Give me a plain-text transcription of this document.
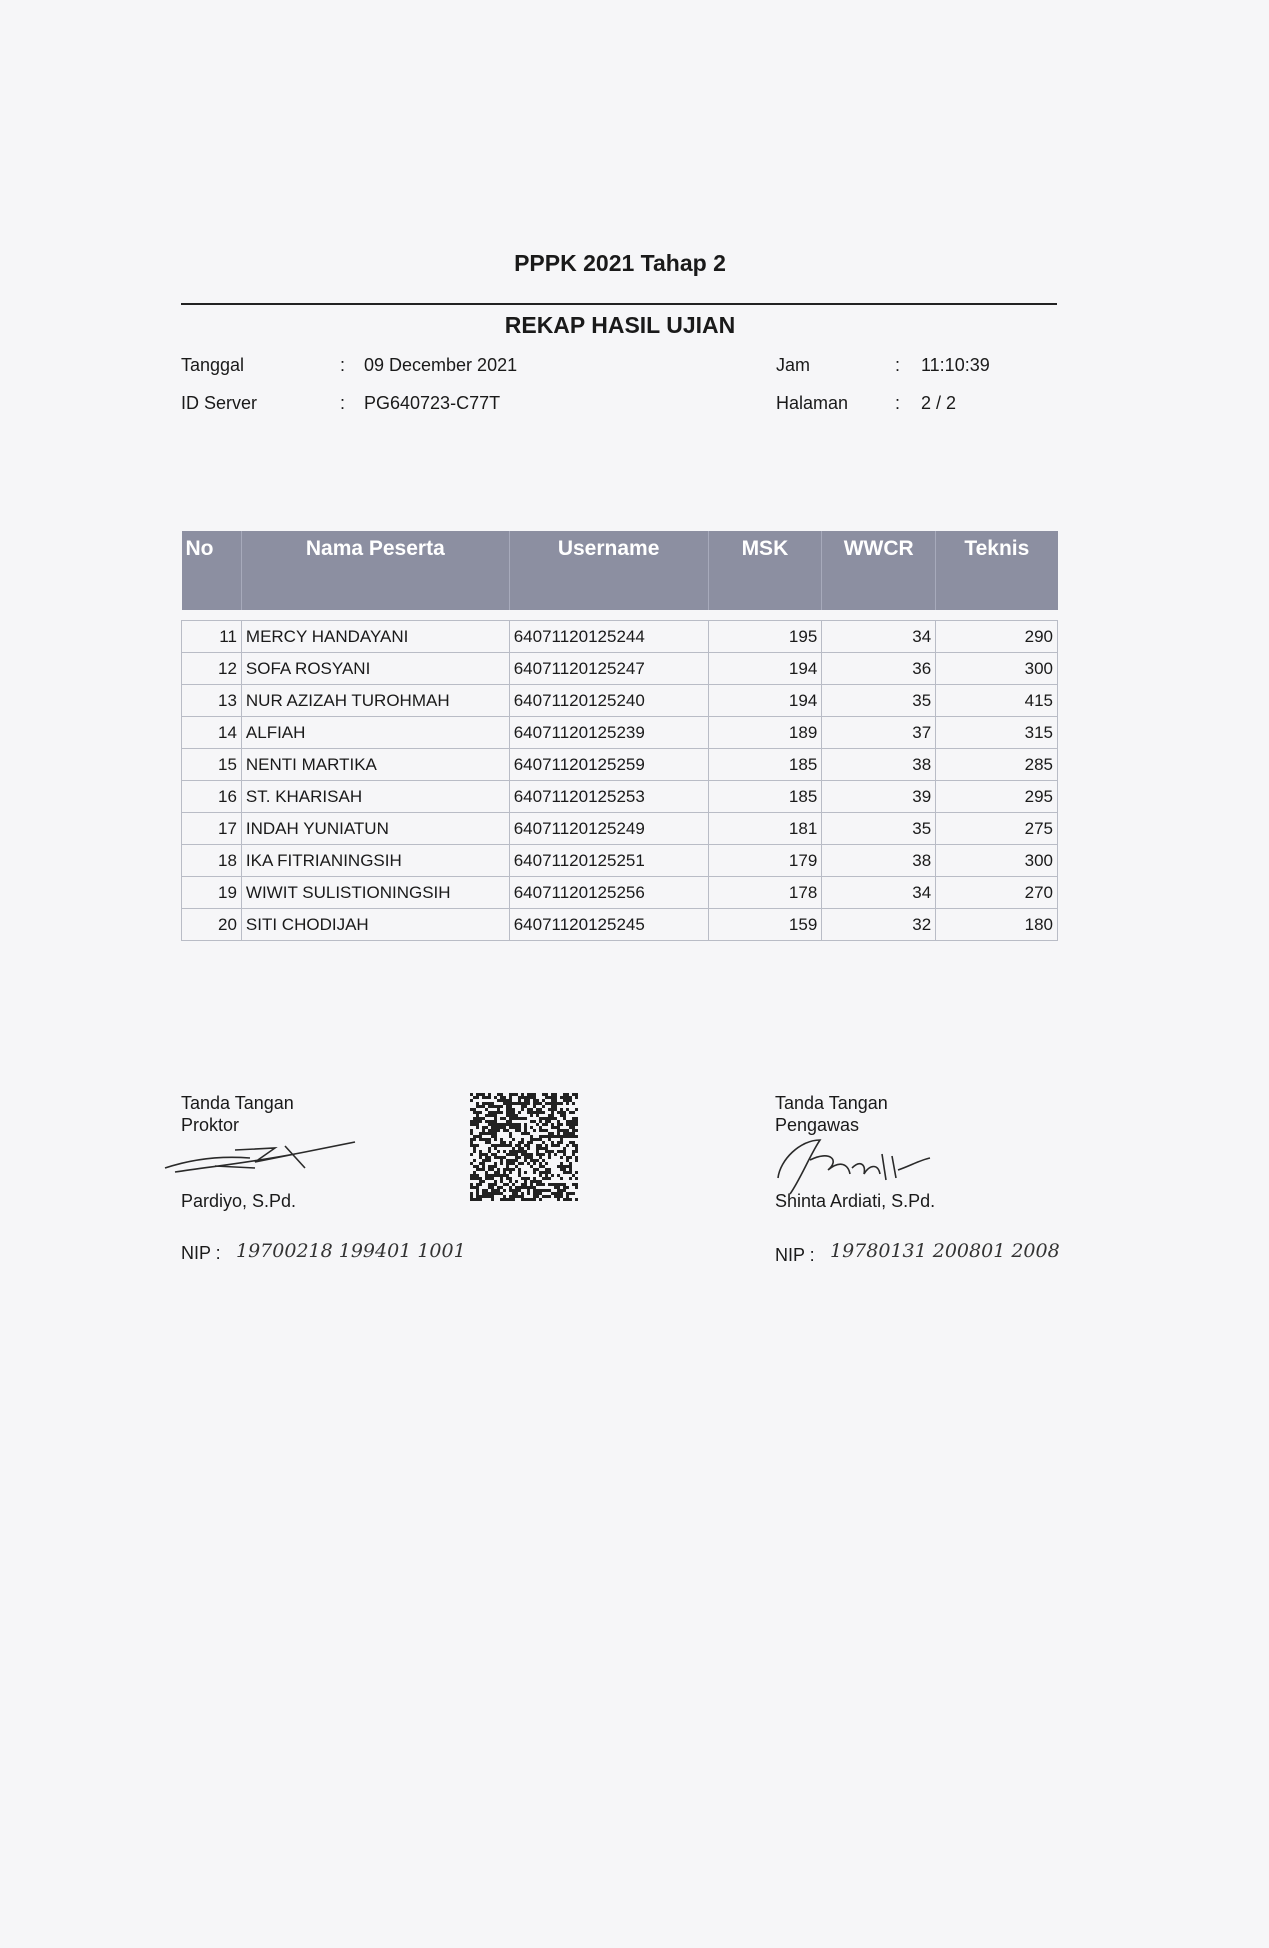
PPPK 2021 Tahap 2
REKAP HASIL UJIAN
Tanggal	: 09 December 2021
ID Server	: PG640723-C77T
Jam	: 11:10:39
Halaman	: 2 / 2
No	Nama Peserta	Username	MSK	WWCR	Teknis

11	MERCY HANDAYANI	64071120125244	195	34	290
12	SOFA ROSYANI	64071120125247	194	36	300
13	NUR AZIZAH TUROHMAH	64071120125240	194	35	415
14	ALFIAH	64071120125239	189	37	315
15	NENTI MARTIKA	64071120125259	185	38	285
16	ST. KHARISAH	64071120125253	185	39	295
17	INDAH YUNIATUN	64071120125249	181	35	275
18	IKA FITRIANINGSIH	64071120125251	179	38	300
19	WIWIT SULISTIONINGSIH	64071120125256	178	34	270
20	SITI CHODIJAH	64071120125245	159	32	180
Tanda Tangan
Proktor
Pardiyo, S.Pd.
NIP : 19700218 199401 1001
Tanda Tangan
Pengawas
Shinta Ardiati, S.Pd.
NIP : 19780131 200801 2008
